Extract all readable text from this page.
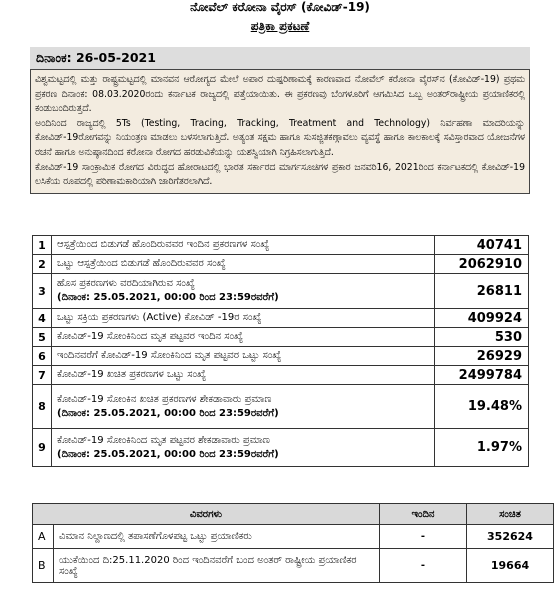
ನೋವೆಲ್ ಕರೋನಾ ವೈರಸ್ (ಕೋವಿಡ್-19)
ಪತ್ರಿಕಾ ಪ್ರಕಟಣೆ
ದಿನಾಂಕ: 26-05-2021

ವಿಶ್ವಮಟ್ಟದಲ್ಲಿ ಮತ್ತು ರಾಷ್ಟ್ರಮಟ್ಟದಲ್ಲಿ ಮಾನವನ ಆರೋಗ್ಯದ ಮೇಲೆ ಅಪಾರ ದುಷ್ಪರಿಣಾಮಕ್ಕೆ ಕಾರಣವಾದ ನೋವೆಲ್ ಕರೋನಾ ವೈರಸ್‌ನ (ಕೋವಿಡ್-19) ಪ್ರಥಮ ಪ್ರಕರಣ ದಿನಾಂಕ: 08.03.2020ರಂದು ಕರ್ನಾಟಕ ರಾಜ್ಯದಲ್ಲಿ ಪತ್ತೆಯಾಯಿತು. ಈ ಪ್ರಕರಣವು ಬೆಂಗಳೂರಿಗೆ ಆಗಮಿಸಿದ ಒಬ್ಬ ಅಂತರ್‌ರಾಷ್ಟ್ರೀಯ ಪ್ರಯಾಣಿಕರಲ್ಲಿ ಕಂಡುಬಂದಿರುತ್ತದೆ.

ಅಂದಿನಿಂದ ರಾಜ್ಯದಲ್ಲಿ 5Ts (Testing, Tracing, Tracking, Treatment and Technology) ನಿರ್ವಹಣಾ ಮಾದರಿಯನ್ನು ಕೋವಿಡ್-19ರೋಗವನ್ನು ನಿಯಂತ್ರಣ ಮಾಡಲು ಬಳಸಲಾಗುತ್ತಿದೆ. ಅತ್ಯಂತ ಸಕ್ಷಮ ಹಾಗೂ ಸುಸಜ್ಜಿತಕಣ್ಗಾವಲು ವ್ಯವಸ್ಥೆ ಹಾಗೂ ಕಾಲಕಾಲಕ್ಕೆ ಸವಿಸ್ತಾರವಾದ ಯೋಜನೆಗಳ ರಚನೆ ಹಾಗೂ ಅನುಷ್ಠಾನದಿಂದ ಕರೋನಾ ರೋಗದ ಹರಡುವಿಕೆಯನ್ನು ಯಶಸ್ವಿಯಾಗಿ ನಿಗ್ರಹಿಸಲಾಗುತ್ತಿದೆ.

ಕೋವಿಡ್-19 ಸಾಂಕ್ರಾಮಿಕ ರೋಗದ ವಿರುದ್ಧದ ಹೋರಾಟದಲ್ಲಿ ಭಾರತ ಸರ್ಕಾರದ ಮಾರ್ಗಸೂಚಿಗಳ ಪ್ರಕಾರ ಜನವರಿ16, 2021ರಿಂದ ಕರ್ನಾಟಕದಲ್ಲಿ ಕೋವಿಡ್-19 ಲಸಿಕೆಯ ರೂಪದಲ್ಲಿ ಪರಿಣಾಮಕಾರಿಯಾಗಿ ಜಾರಿಗೆತರಲಾಗಿದೆ.

1	ಆಸ್ಪತ್ರೆಯಿಂದ ಬಿಡುಗಡೆ ಹೊಂದಿರುವವರ ಇಂದಿನ ಪ್ರಕರಣಗಳ ಸಂಖ್ಯೆ	40741
2	ಒಟ್ಟು ಆಸ್ಪತ್ರೆಯಿಂದ ಬಿಡುಗಡೆ ಹೊಂದಿರುವವರ ಸಂಖ್ಯೆ	2062910
3	ಹೊಸ ಪ್ರಕರಣಗಳು ವರದಿಯಾಗಿರುವ ಸಂಖ್ಯೆ
(ದಿನಾಂಕ: 25.05.2021, 00:00 ರಿಂದ 23:59ರವರೆಗೆ)	26811
4	ಒಟ್ಟು ಸಕ್ರಿಯ ಪ್ರಕರಣಗಳು (Active) ಕೋವಿಡ್ -19ರ ಸಂಖ್ಯೆ	409924
5	ಕೋವಿಡ್-19 ಸೋಂಕಿನಿಂದ ಮೃತ ಪಟ್ಟವರ ಇಂದಿನ ಸಂಖ್ಯೆ	530
6	ಇಂದಿನವರೆಗೆ ಕೋವಿಡ್-19 ಸೋಂಕಿನಿಂದ ಮೃತ ಪಟ್ಟವರ ಒಟ್ಟು ಸಂಖ್ಯೆ	26929
7	ಕೋವಿಡ್-19 ಖಚಿತ ಪ್ರಕರಣಗಳ ಒಟ್ಟು ಸಂಖ್ಯೆ	2499784
8	ಕೋವಿಡ್-19 ಸೋಂಕಿನ ಖಚಿತ ಪ್ರಕರಣಗಳ ಶೇಕಡಾವಾರು ಪ್ರಮಾಣ
(ದಿನಾಂಕ: 25.05.2021, 00:00 ರಿಂದ 23:59ರವರೆಗೆ)	19.48%
9	ಕೋವಿಡ್-19 ಸೋಂಕಿನಿಂದ ಮೃತ ಪಟ್ಟವರ ಶೇಕಡಾವಾರು ಪ್ರಮಾಣ
(ದಿನಾಂಕ: 25.05.2021, 00:00 ರಿಂದ 23:59ರವರೆಗೆ)	1.97%
ವಿವರಗಳು		ಇಂದಿನ	ಸಂಚಿತ
A	ವಿಮಾನ ನಿಲ್ದಾಣದಲ್ಲಿ ತಪಾಸಣೆಗೊಳಪಟ್ಟ ಒಟ್ಟು ಪ್ರಯಾಣಿಕರು	-	352624
B	ಯುಕೆಯಿಂದ ದಿ:25.11.2020 ರಿಂದ ಇಂದಿನವರೆಗೆ ಬಂದ ಅಂತರ್ ರಾಷ್ಟ್ರೀಯ ಪ್ರಯಾಣಿಕರ ಸಂಖ್ಯೆ	-	19664
